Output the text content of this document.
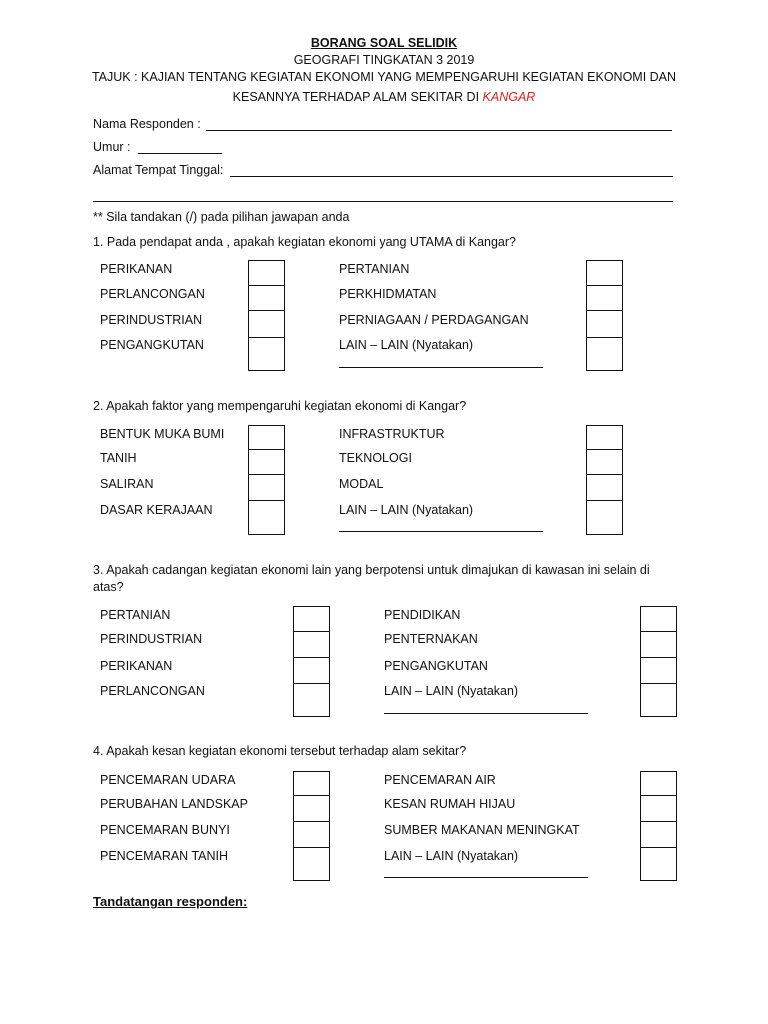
BORANG SOAL SELIDIK
GEOGRAFI TINGKATAN 3 2019
TAJUK : KAJIAN TENTANG KEGIATAN EKONOMI YANG MEMPENGARUHI KEGIATAN EKONOMI DAN
KESANNYA TERHADAP ALAM SEKITAR DI KANGAR
Nama Responden :
Umur :
Alamat Tempat Tinggal:
** Sila tandakan (/) pada pilihan jawapan anda
1. Pada pendapat anda , apakah kegiatan ekonomi yang UTAMA di Kangar?
PERIKANAN
PERLANCONGAN
PERINDUSTRIAN
PENGANGKUTAN
PERTANIAN
PERKHIDMATAN
PERNIAGAAN / PERDAGANGAN
LAIN – LAIN (Nyatakan)
2. Apakah faktor yang mempengaruhi kegiatan ekonomi di Kangar?
BENTUK MUKA BUMI
TANIH
SALIRAN
DASAR KERAJAAN
INFRASTRUKTUR
TEKNOLOGI
MODAL
LAIN – LAIN (Nyatakan)
3. Apakah cadangan kegiatan ekonomi lain yang berpotensi untuk dimajukan di kawasan ini selain di
atas?
PERTANIAN
PERINDUSTRIAN
PERIKANAN
PERLANCONGAN
PENDIDIKAN
PENTERNAKAN
PENGANGKUTAN
LAIN – LAIN (Nyatakan)
4. Apakah kesan kegiatan ekonomi tersebut terhadap alam sekitar?
PENCEMARAN UDARA
PERUBAHAN LANDSKAP
PENCEMARAN BUNYI
PENCEMARAN TANIH
PENCEMARAN AIR
KESAN RUMAH HIJAU
SUMBER MAKANAN MENINGKAT
LAIN – LAIN (Nyatakan)
Tandatangan responden:
